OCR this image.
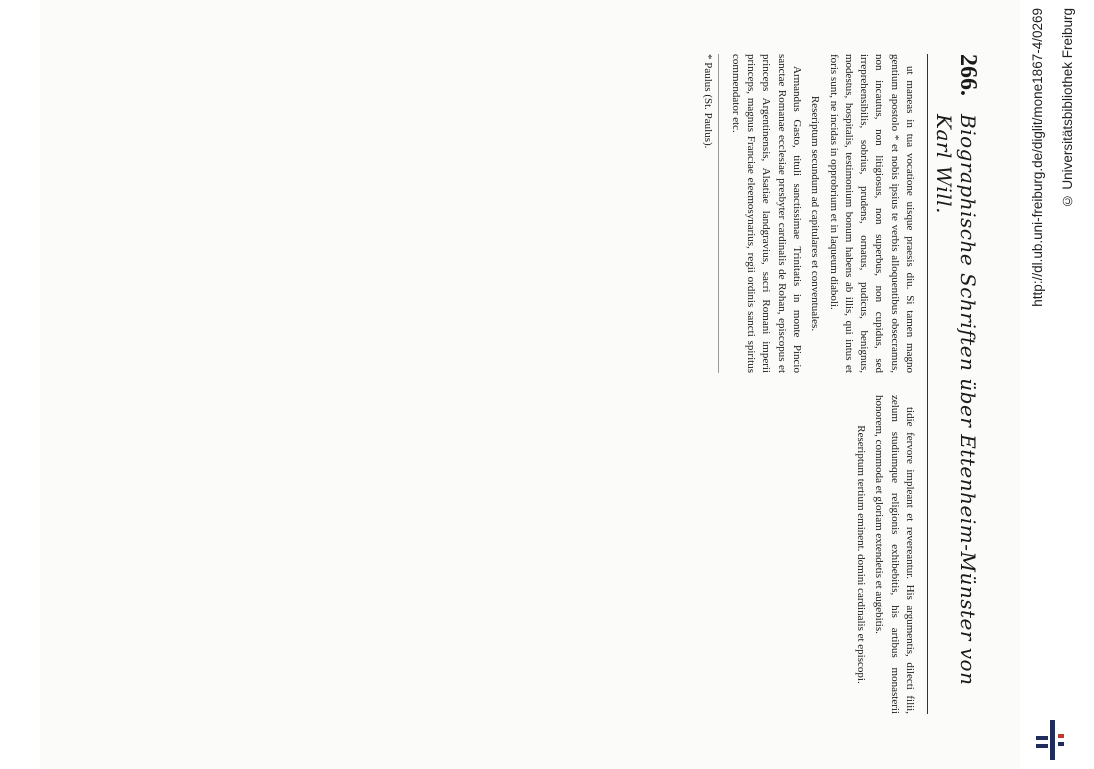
266.
Biographische Schriften über Ettenheim-Münster von Karl Will.

ut maneas in tua vocatione uisque praesis diu. Si tamen magno gentium apostolo * et nobis ipsius te verbis alloquentibus obsecramus, non incautus, non litigiosus, non superbus, non cupidus, sed irreprehensibilis, sobrius, prudens, ornatus, pudicus, benignus, modestus, hospitalis, testimonium bonum habens ab illis, qui intus et foris sunt, ne incidas in opprobrium et in laqueum diaboli.

Reseriptum secundum ad capitulares et conventuales.

Armandus Gasto, tituli sanctissimae Trinitatis in monte Pincio sanctae Romanae ecclesiae presbyter cardinalis de Rohan, episcopus et princeps Argentinensis, Alsatiae landgravius, sacri Romani imperii princeps, magnus Franciae eleemosynarius, regii ordinis sancti spiritus commendator etc.

* Paulus (St. Paulus).

tidie fervore impleant et revereantur. His argumentis, dilecti filii, zelum studiumque religionis exhibebitis, his artibus monasterii honorem, commoda et gloriam extendetis et augebitis.

Reseriptum tertium eminent. domini cardinalis et episcopi.

http://dl.ub.uni-freiburg.de/diglit/mone1867-4/0269 © Universitätsbibliothek Freiburg
